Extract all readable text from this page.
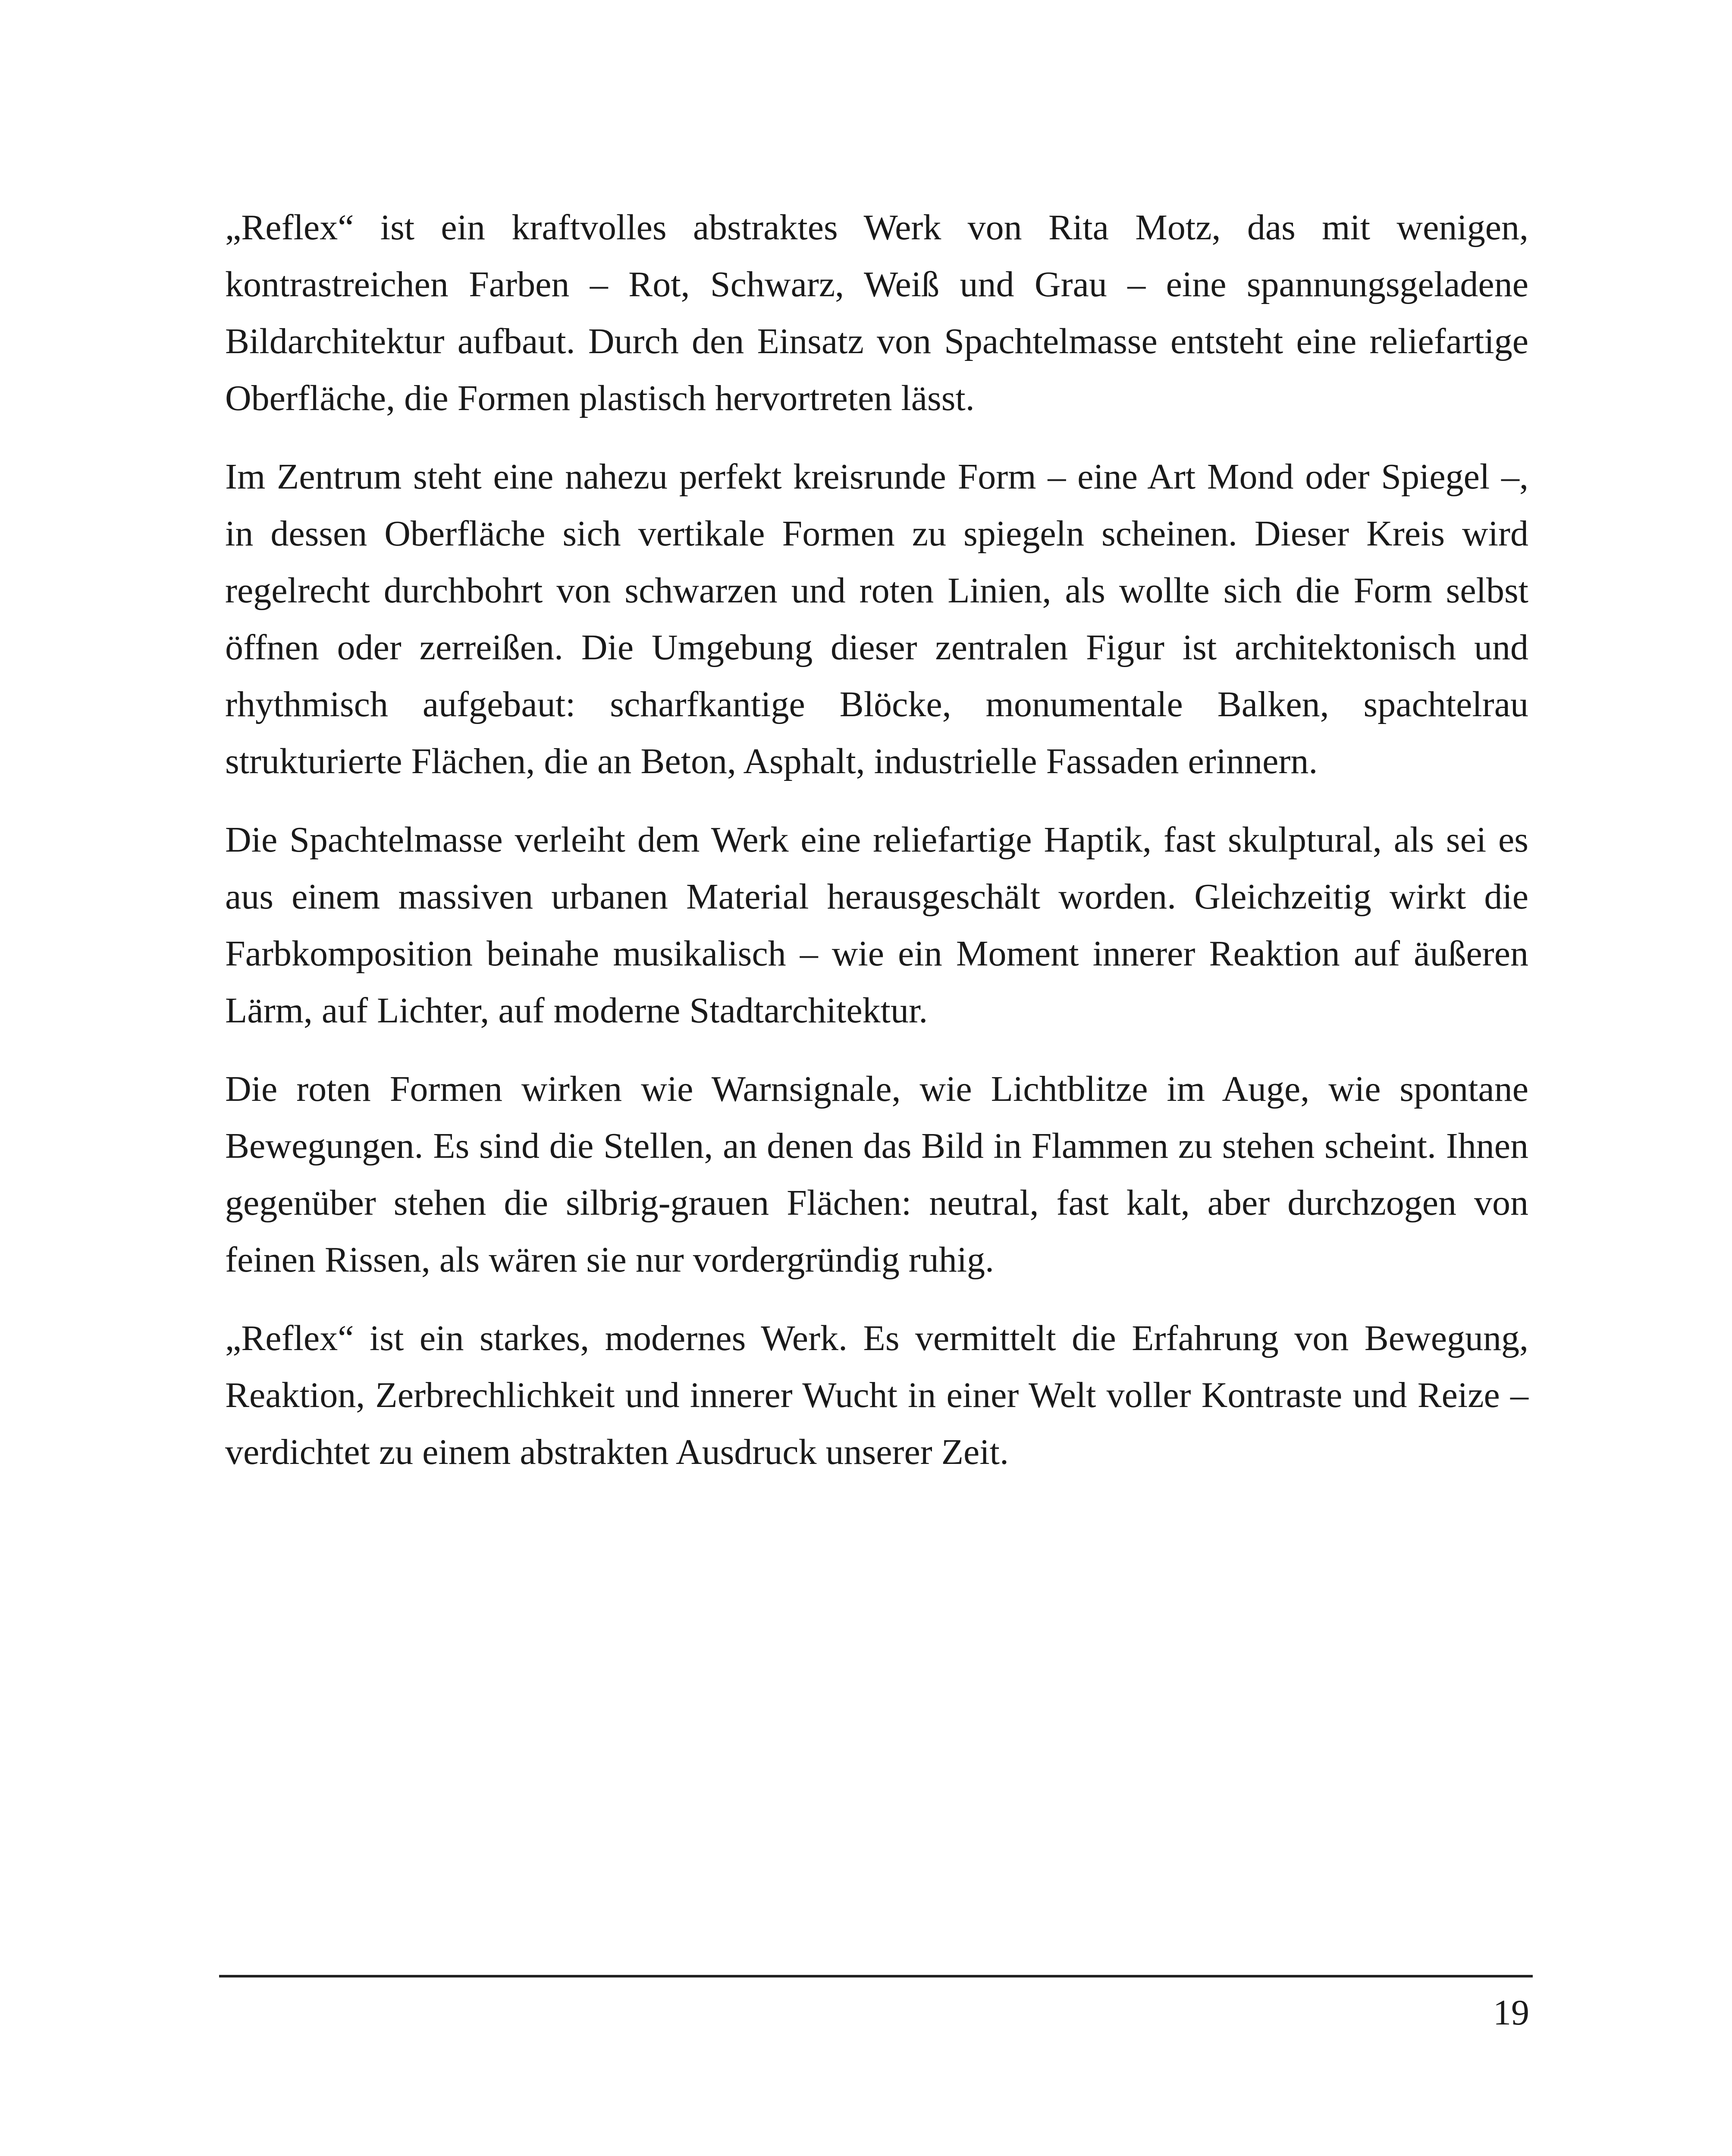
„Reflex“ ist ein kraftvolles abstraktes Werk von Rita Motz, das mit wenigen, kontrastreichen Farben – Rot, Schwarz, Weiß und Grau – eine spannungsgeladene Bildarchitektur aufbaut. Durch den Einsatz von Spachtelmasse entsteht eine reliefartige Oberfläche, die Formen plastisch hervortreten lässt.

Im Zentrum steht eine nahezu perfekt kreisrunde Form – eine Art Mond oder Spiegel –, in dessen Oberfläche sich vertikale Formen zu spiegeln scheinen. Dieser Kreis wird regelrecht durchbohrt von schwarzen und roten Linien, als wollte sich die Form selbst öffnen oder zerreißen. Die Umgebung dieser zentralen Figur ist architektonisch und rhythmisch aufgebaut: scharfkantige Blöcke, monumentale Balken, spachtelrau strukturierte Flächen, die an Beton, Asphalt, industrielle Fassaden erinnern.

Die Spachtelmasse verleiht dem Werk eine reliefartige Haptik, fast skulptural, als sei es aus einem massiven urbanen Material herausgeschält worden. Gleichzeitig wirkt die Farbkomposition beinahe musikalisch – wie ein Moment innerer Reaktion auf äußeren Lärm, auf Lichter, auf moderne Stadtarchitektur.

Die roten Formen wirken wie Warnsignale, wie Lichtblitze im Auge, wie spontane Bewegungen. Es sind die Stellen, an denen das Bild in Flammen zu stehen scheint. Ihnen gegenüber stehen die silbrig-grauen Flächen: neutral, fast kalt, aber durchzogen von feinen Rissen, als wären sie nur vordergründig ruhig.

„Reflex“ ist ein starkes, modernes Werk. Es vermittelt die Erfahrung von Bewegung, Reaktion, Zerbrechlichkeit und innerer Wucht in einer Welt voller Kontraste und Reize – verdichtet zu einem abstrakten Ausdruck unserer Zeit.

19
